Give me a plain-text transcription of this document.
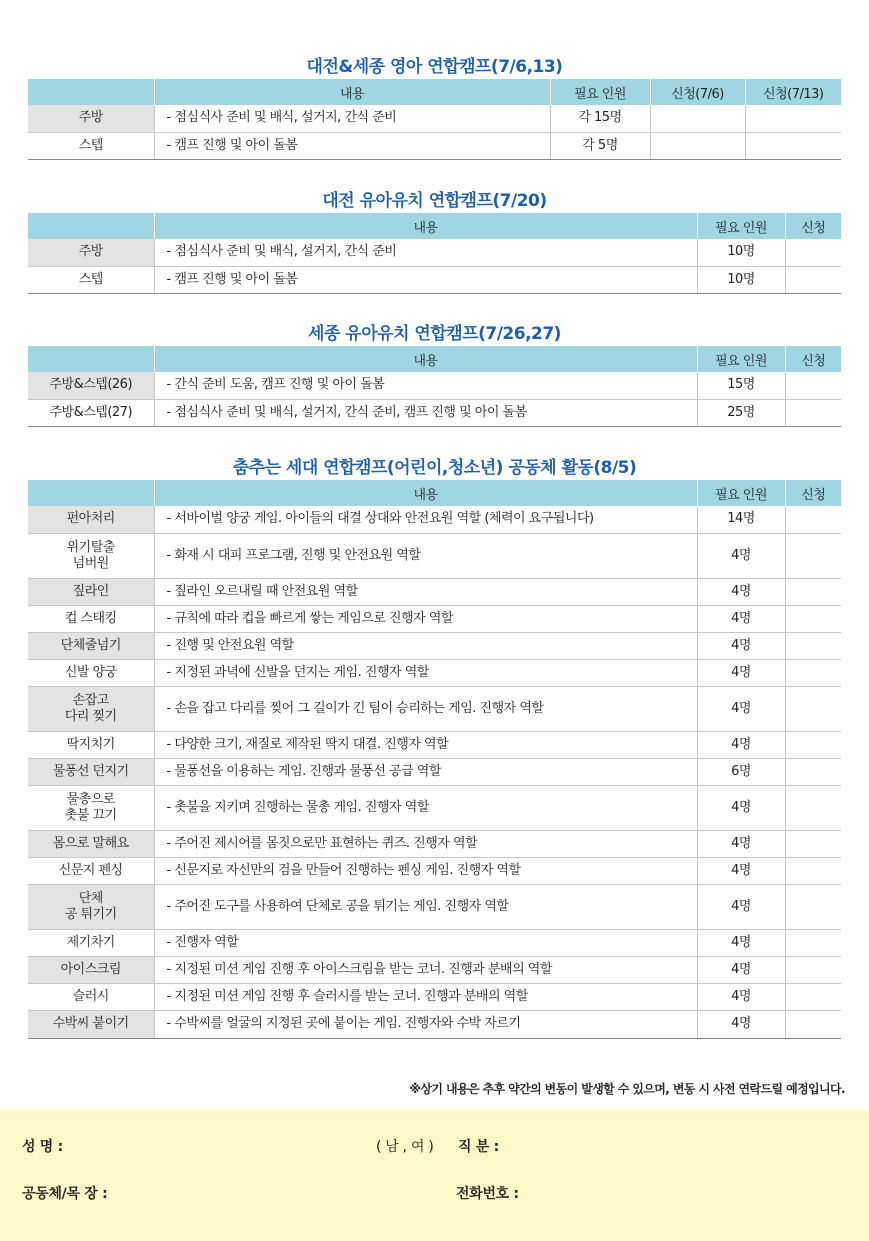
대전&세종 영아 연합캠프(7/6,13)
	내용	필요 인원	신청(7/6)	신청(7/13)
주방	- 점심식사 준비 및 배식, 설거지, 간식 준비	각 15명		
스텝	- 캠프 진행 및 아이 돌봄	각 5명		
대전 유아유치 연합캠프(7/20)
	내용	필요 인원	신청
주방	- 점심식사 준비 및 배식, 설거지, 간식 준비	10명	
스텝	- 캠프 진행 및 아이 돌봄	10명	
세종 유아유치 연합캠프(7/26,27)
	내용	필요 인원	신청
주방&스텝(26)	- 간식 준비 도움, 캠프 진행 및 아이 돌봄	15명	
주방&스텝(27)	- 점심식사 준비 및 배식, 설거지, 간식 준비, 캠프 진행 및 아이 돌봄	25명	
춤추는 세대 연합캠프(어린이,청소년) 공동체 활동(8/5)
	내용	필요 인원	신청
펀아처리	- 서바이벌 양궁 게임. 아이들의 대결 상대와 안전요원 역할 (체력이 요구됩니다)	14명	
위기탈출
넘버원	- 화재 시 대피 프로그램, 진행 및 안전요원 역할	4명	
짚라인	- 짚라인 오르내릴 때 안전요원 역할	4명	
컵 스태킹	- 규칙에 따라 컵을 빠르게 쌓는 게임으로 진행자 역할	4명	
단체줄넘기	- 진행 및 안전요원 역할	4명	
신발 양궁	- 지정된 과녁에 신발을 던지는 게임. 진행자 역할	4명	
손잡고
다리 찢기	- 손을 잡고 다리를 찢어 그 길이가 긴 팀이 승리하는 게임. 진행자 역할	4명	
딱지치기	- 다양한 크기, 재질로 제작된 딱지 대결. 진행자 역할	4명	
물풍선 던지기	- 물풍선을 이용하는 게임. 진행과 물풍선 공급 역할	6명	
물총으로
촛불 끄기	- 촛불을 지키며 진행하는 물총 게임. 진행자 역할	4명	
몸으로 말해요	- 주어진 제시어를 몸짓으로만 표현하는 퀴즈. 진행자 역할	4명	
신문지 펜싱	- 신문지로 자신만의 검을 만들어 진행하는 펜싱 게임. 진행자 역할	4명	
단체
공 튀기기	- 주어진 도구를 사용하여 단체로 공을 튀기는 게임. 진행자 역할	4명	
제기차기	- 진행자 역할	4명	
아이스크림	- 지정된 미션 게임 진행 후 아이스크림을 받는 코너. 진행과 분배의 역할	4명	
슬러시	- 지정된 미션 게임 진행 후 슬러시를 받는 코너. 진행과 분배의 역할	4명	
수박씨 붙이기	- 수박씨를 얼굴의 지정된 곳에 붙이는 게임. 진행자와 수박 자르기	4명	
※상기 내용은 추후 약간의 변동이 발생할 수 있으며, 변동 시 사전 연락드릴 예정입니다.
성 명 :	( 남 , 여 ) 직 분 :
공동체/목 장 :	전화번호 :
